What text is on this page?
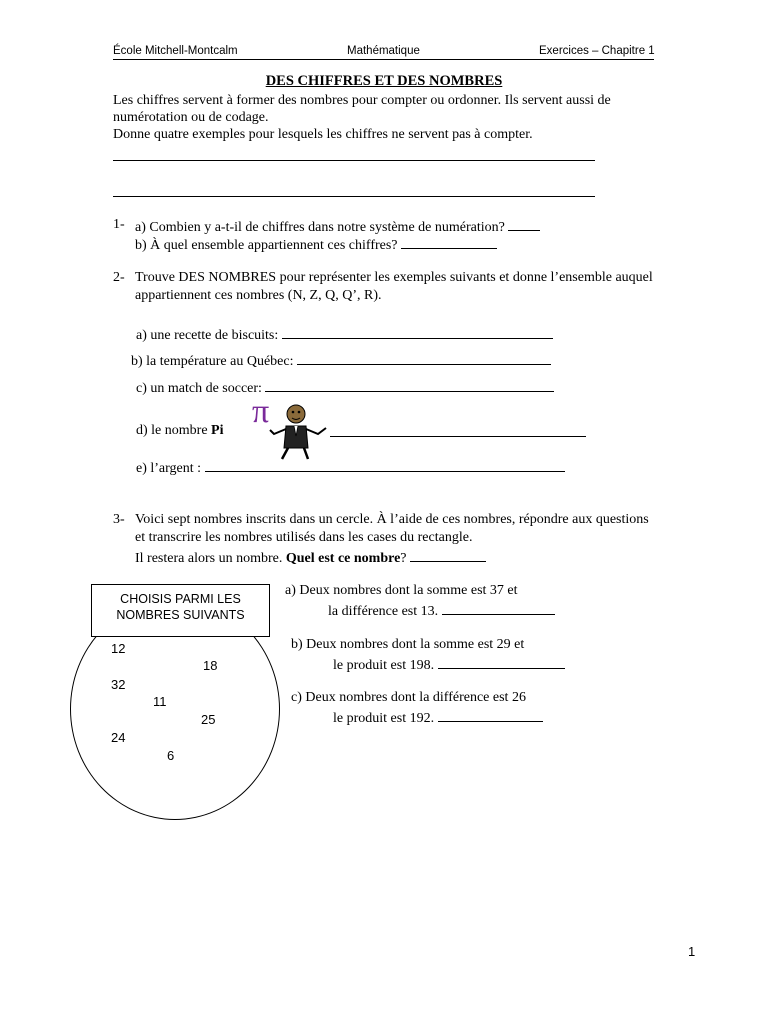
École Mitchell-Montcalm	Mathématique	Exercices – Chapitre 1
DES CHIFFRES ET DES NOMBRES
Les chiffres servent à former des nombres pour compter ou ordonner. Ils servent aussi de
numérotation ou de codage.
Donne quatre exemples pour lesquels les chiffres ne servent pas à compter.
1- a) Combien y a-t-il de chiffres dans notre système de numération?
b) À quel ensemble appartiennent ces chiffres?
2- Trouve DES NOMBRES pour représenter les exemples suivants et donne l’ensemble auquel
appartiennent ces nombres (N, Z, Q, Q’, R).
a) une recette de biscuits:
b) la température au Québec:
c) un match de soccer:
d) le nombre Pi
π
e) l’argent :
3- Voici sept nombres inscrits dans un cercle. À l’aide de ces nombres, répondre aux questions
et transcrire les nombres utilisés dans les cases du rectangle.
Il restera alors un nombre. Quel est ce nombre?
CHOISIS PARMI LES
NOMBRES SUIVANTS
12
18
32
11
25
24
6
a) Deux nombres dont la somme est 37 et
la différence est 13.
b) Deux nombres dont la somme est 29 et
le produit est 198.
c) Deux nombres dont la différence est 26
le produit est 192.
1
